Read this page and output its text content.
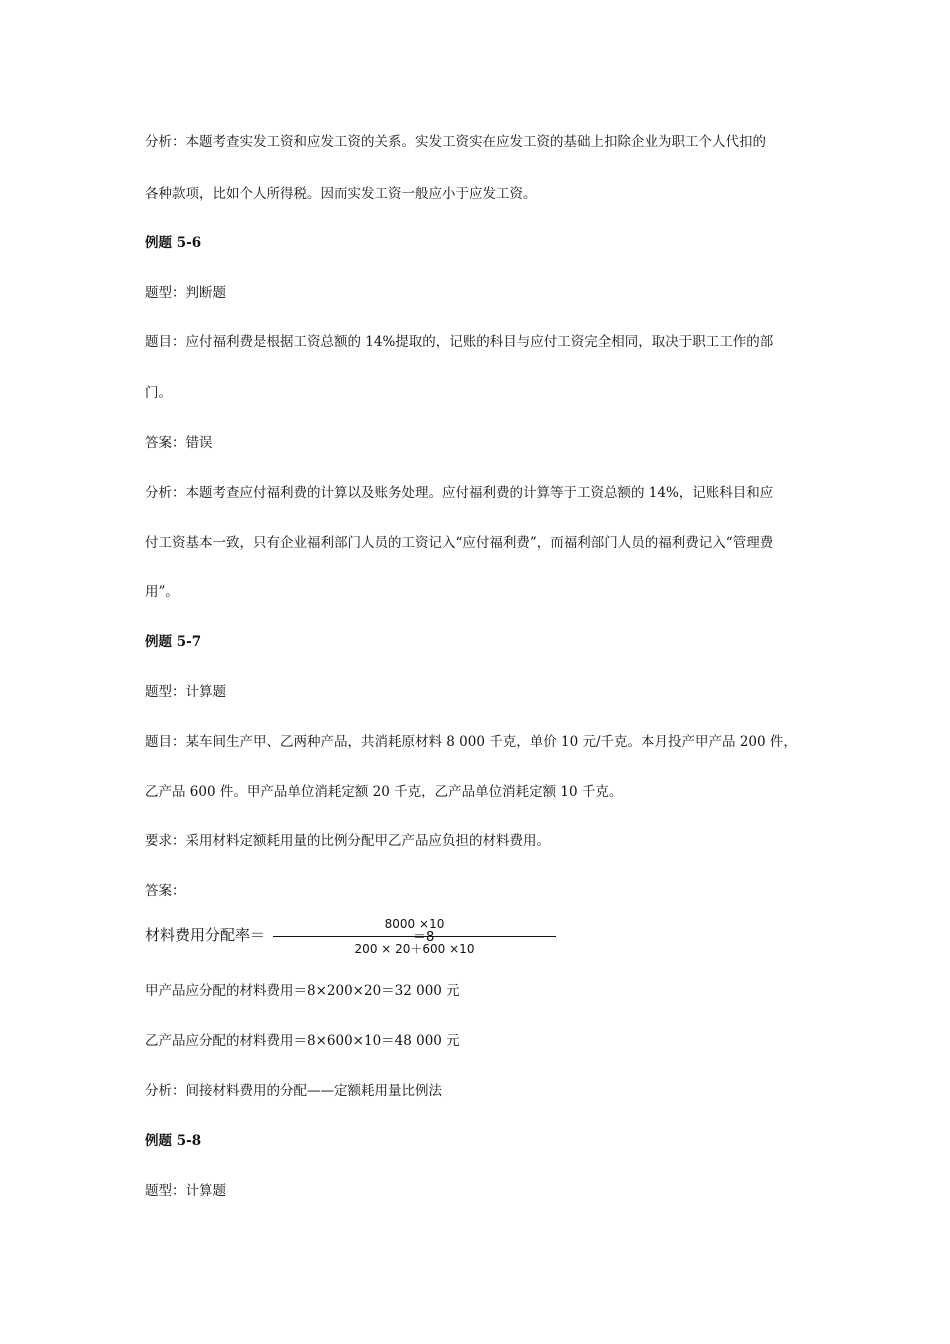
分析：本题考查实发工资和应发工资的关系。实发工资实在应发工资的基础上扣除企业为职工个人代扣的
各种款项，比如个人所得税。因而实发工资一般应小于应发工资。
例题 5-6
题型：判断题
题目：应付福利费是根据工资总额的 14%提取的，记账的科目与应付工资完全相同，取决于职工工作的部
门。
答案：错误
分析：本题考查应付福利费的计算以及账务处理。应付福利费的计算等于工资总额的 14%，记账科目和应
付工资基本一致，只有企业福利部门人员的工资记入“应付福利费”，而福利部门人员的福利费记入“管理费
用”。
例题 5-7
题型：计算题
题目：某车间生产甲、乙两种产品，共消耗原材料 8 000 千克，单价 10 元/千克。本月投产甲产品 200 件，
乙产品 600 件。甲产品单位消耗定额 20 千克，乙产品单位消耗定额 10 千克。
要求：采用材料定额耗用量的比例分配甲乙产品应负担的材料费用。
答案：
材料费用分配率＝
8000 ×10
200 × 20＋600 ×10
＝8
甲产品应分配的材料费用＝8×200×20＝32 000 元
乙产品应分配的材料费用＝8×600×10＝48 000 元
分析：间接材料费用的分配——定额耗用量比例法
例题 5-8
题型：计算题
